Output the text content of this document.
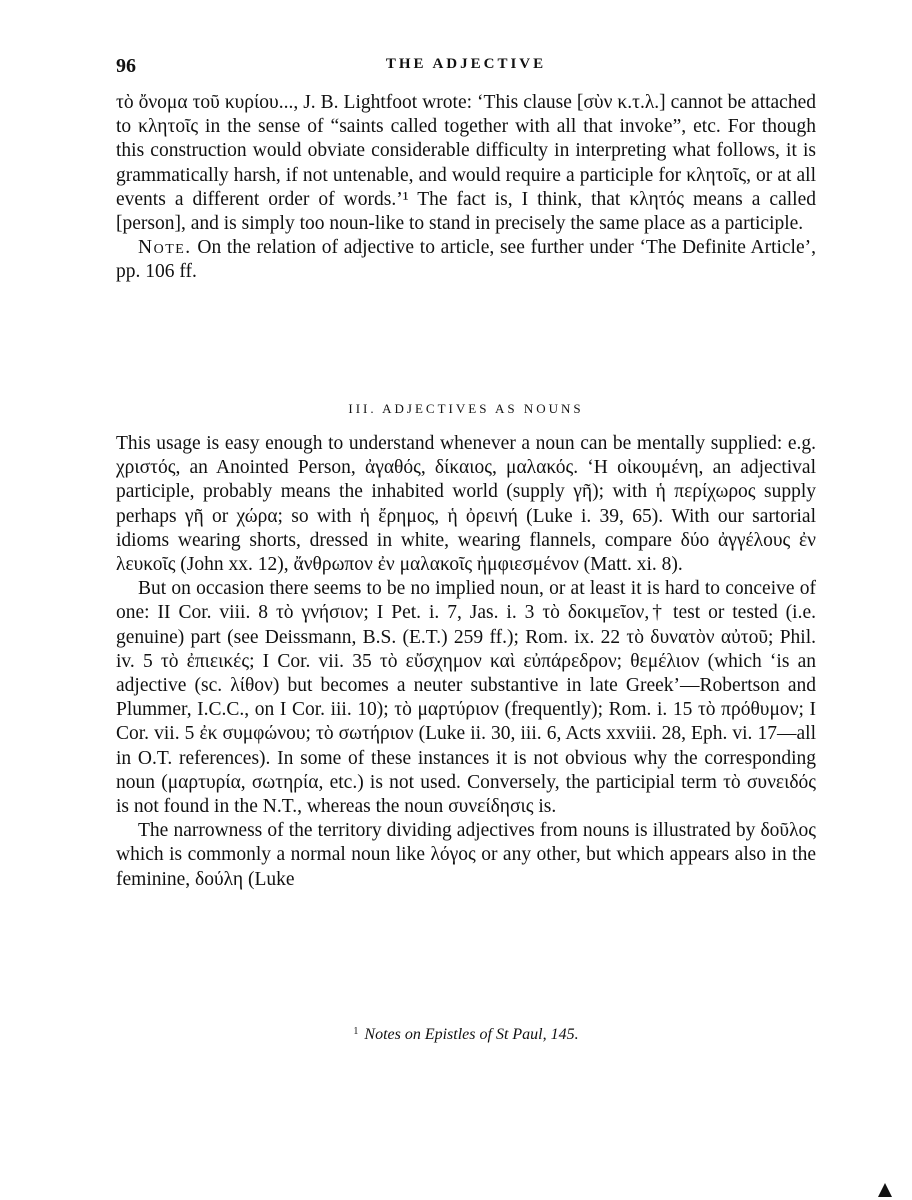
96	THE ADJECTIVE

τὸ ὄνομα τοῦ κυρίου..., J. B. Lightfoot wrote: ‘This clause [σὺν κ.τ.λ.] cannot be attached to κλητοῖς in the sense of “saints called together with all that invoke”, etc. For though this construction would obviate considerable difficulty in interpreting what follows, it is grammatically harsh, if not untenable, and would require a participle for κλητοῖς, or at all events a different order of words.’¹ The fact is, I think, that κλητός means a called [person], and is simply too noun-like to stand in precisely the same place as a participle.

Note. On the relation of adjective to article, see further under ‘The Definite Article’, pp. 106 ff.

III. ADJECTIVES AS NOUNS

This usage is easy enough to understand whenever a noun can be mentally supplied: e.g. χριστός, an Anointed Person, ἀγαθός, δίκαιος, μαλακός. ‘Η οἰκουμένη, an adjectival participle, probably means the inhabited world (supply γῆ); with ἡ περίχωρος supply perhaps γῆ or χώρα; so with ἡ ἔρημος, ἡ ὀρεινή (Luke i. 39, 65). With our sartorial idioms wearing shorts, dressed in white, wearing flannels, compare δύο ἀγγέλους ἐν λευκοῖς (John xx. 12), ἄνθρωπον ἐν μαλακοῖς ἠμφιεσμένον (Matt. xi. 8).

But on occasion there seems to be no implied noun, or at least it is hard to conceive of one: II Cor. viii. 8 τὸ γνήσιον; I Pet. i. 7, Jas. i. 3 τὸ δοκιμεῖον,† test or tested (i.e. genuine) part (see Deissmann, B.S. (E.T.) 259 ff.); Rom. ix. 22 τὸ δυνατὸν αὐτοῦ; Phil. iv. 5 τὸ ἐπιεικές; I Cor. vii. 35 τὸ εὔσχημον καὶ εὐπάρεδρον; θεμέλιον (which ‘is an adjective (sc. λίθον) but becomes a neuter substantive in late Greek’—Robertson and Plummer, I.C.C., on I Cor. iii. 10); τὸ μαρτύριον (frequently); Rom. i. 15 τὸ πρόθυμον; I Cor. vii. 5 ἐκ συμφώνου; τὸ σωτήριον (Luke ii. 30, iii. 6, Acts xxviii. 28, Eph. vi. 17—all in O.T. references). In some of these instances it is not obvious why the corresponding noun (μαρτυρία, σωτηρία, etc.) is not used. Conversely, the participial term τὸ συνειδός is not found in the N.T., whereas the noun συνείδησις is.

The narrowness of the territory dividing adjectives from nouns is illustrated by δοῦλος which is commonly a normal noun like λόγος or any other, but which appears also in the feminine, δούλη (Luke

$^1$ Notes on Epistles of St Paul, 145.
